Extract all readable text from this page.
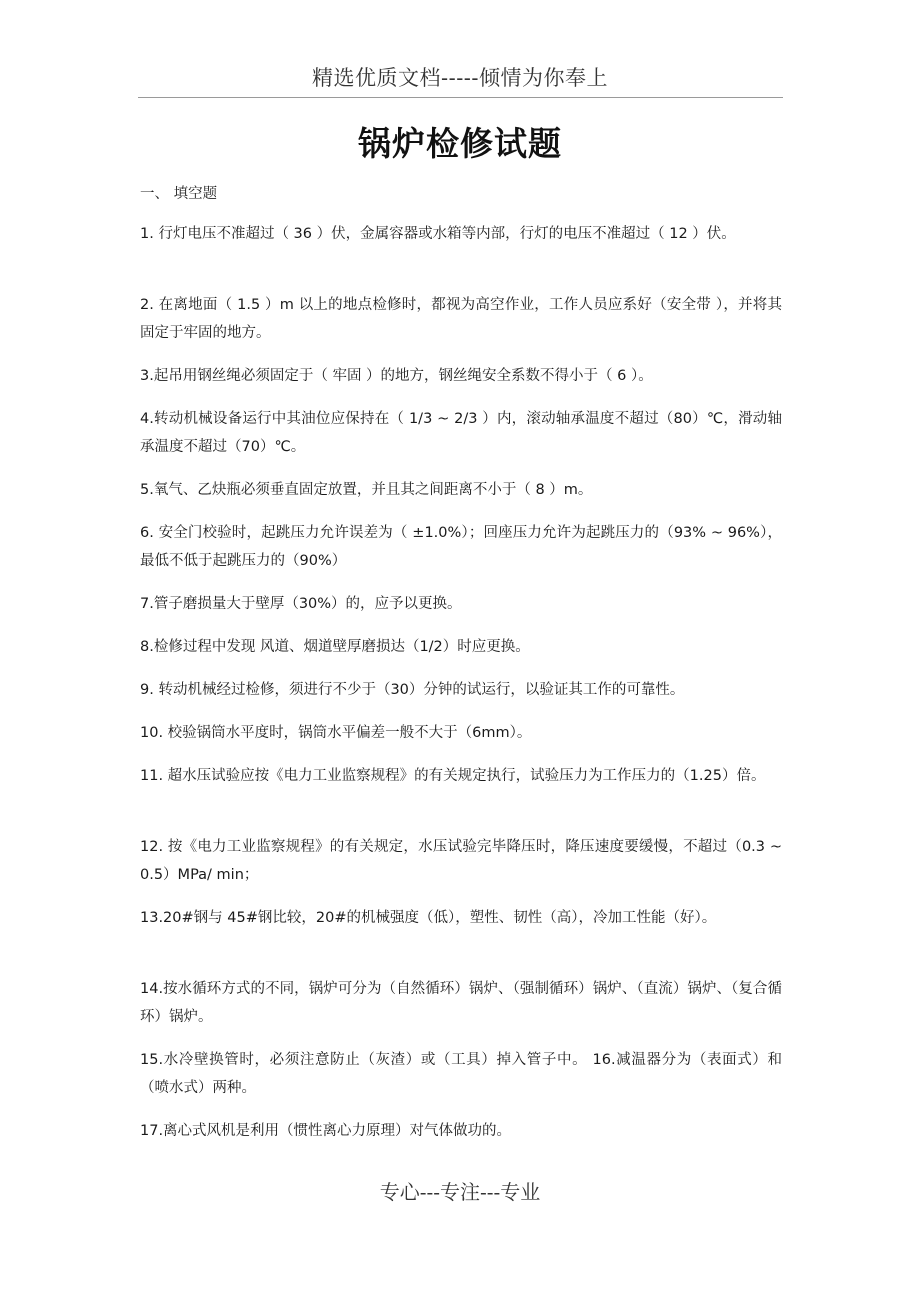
精选优质文档-----倾情为你奉上
锅炉检修试题
一、 填空题
1. 行灯电压不准超过（ 36 ）伏，金属容器或水箱等内部，行灯的电压不准超过（ 12 ）伏。
2. 在离地面（ 1.5 ）m 以上的地点检修时，都视为高空作业，工作人员应系好（安全带 ），并将其固定于牢固的地方。
3.起吊用钢丝绳必须固定于（ 牢固 ）的地方，钢丝绳安全系数不得小于（ 6 ）。
4.转动机械设备运行中其油位应保持在（ 1/3 ~ 2/3 ）内，滚动轴承温度不超过（80）℃，滑动轴承温度不超过（70）℃。
5.氧气、乙炔瓶必须垂直固定放置，并且其之间距离不小于（ 8 ）m。
6. 安全门校验时，起跳压力允许误差为（ ±1.0%）；回座压力允许为起跳压力的（93% ~ 96%），最低不低于起跳压力的（90%）
7.管子磨损量大于壁厚（30%）的，应予以更换。
8.检修过程中发现 风道、烟道壁厚磨损达（1/2）时应更换。
9. 转动机械经过检修，须进行不少于（30）分钟的试运行，以验证其工作的可靠性。
10. 校验锅筒水平度时，锅筒水平偏差一般不大于（6mm）。
11. 超水压试验应按《电力工业监察规程》的有关规定执行，试验压力为工作压力的（1.25）倍。
12. 按《电力工业监察规程》的有关规定，水压试验完毕降压时，降压速度要缓慢，不超过（0.3 ~ 0.5）MPa/ min；
13.20#钢与 45#钢比较，20#的机械强度（低），塑性、韧性（高），冷加工性能（好）。
14.按水循环方式的不同，锅炉可分为（自然循环）锅炉、（强制循环）锅炉、（直流）锅炉、（复合循环）锅炉。
15.水冷壁换管时，必须注意防止（灰渣）或（工具）掉入管子中。 16.减温器分为（表面式）和（喷水式）两种。
17.离心式风机是利用（惯性离心力原理）对气体做功的。
专心---专注---专业
